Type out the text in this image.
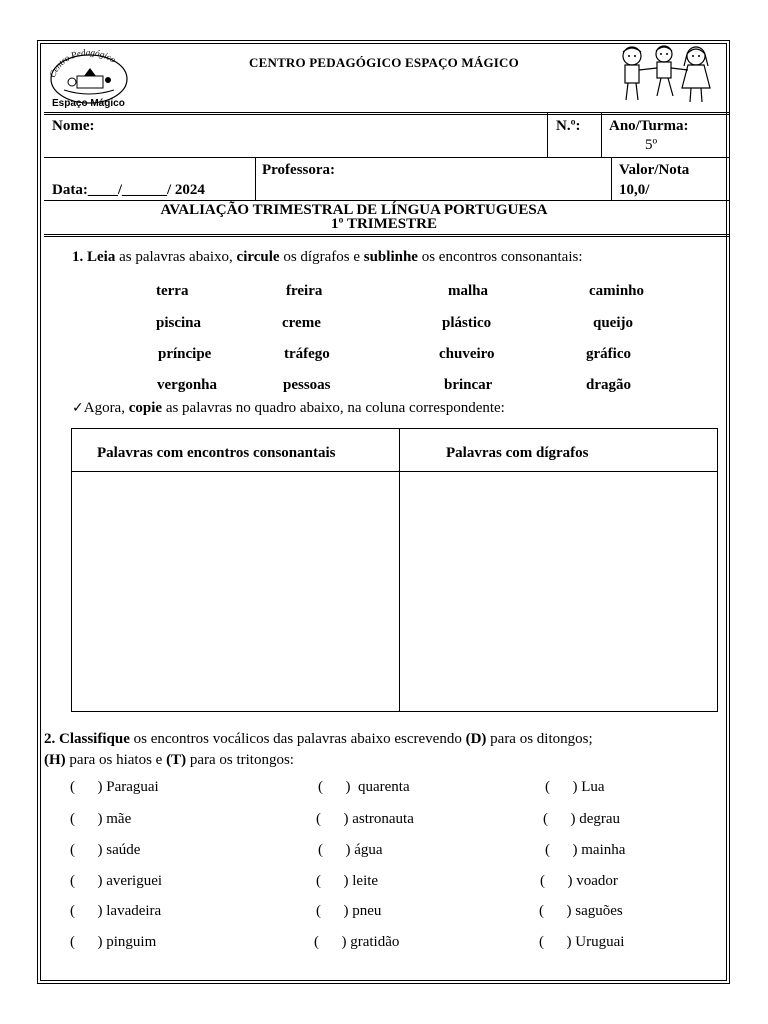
Centro Pedagógico
Espaço Mágico
CENTRO PEDAGÓGICO ESPAÇO MÁGICO
Nome:	N.º: Ano/Turma:
5º
Data:____/______/ 2024
Professora:	Valor/Nota
10,0/
AVALIAÇÃO TRIMESTRAL DE LÍNGUA PORTUGUESA
1º TRIMESTRE
1. Leia as palavras abaixo, circule os dígrafos e sublinhe os encontros consonantais:
terra	freira	malha	caminho
piscina	creme	plástico	queijo
príncipe	tráfego	chuveiro	gráfico
vergonha	pessoas	brincar	dragão
✓Agora, copie as palavras no quadro abaixo, na coluna correspondente:
Palavras com encontros consonantais	Palavras com dígrafos
2. Classifique os encontros vocálicos das palavras abaixo escrevendo (D) para os ditongos;
(H) para os hiatos e (T) para os tritongos:
(      ) Paraguai	(      )  quarenta	(      ) Lua
(      ) mãe	(      ) astronauta	(      ) degrau
(      ) saúde	(      ) água	(      ) mainha
(      ) averiguei	(      ) leite	(      ) voador
(      ) lavadeira	(      ) pneu	(      ) saguões
(      ) pinguim	(      ) gratidão	(      ) Uruguai
